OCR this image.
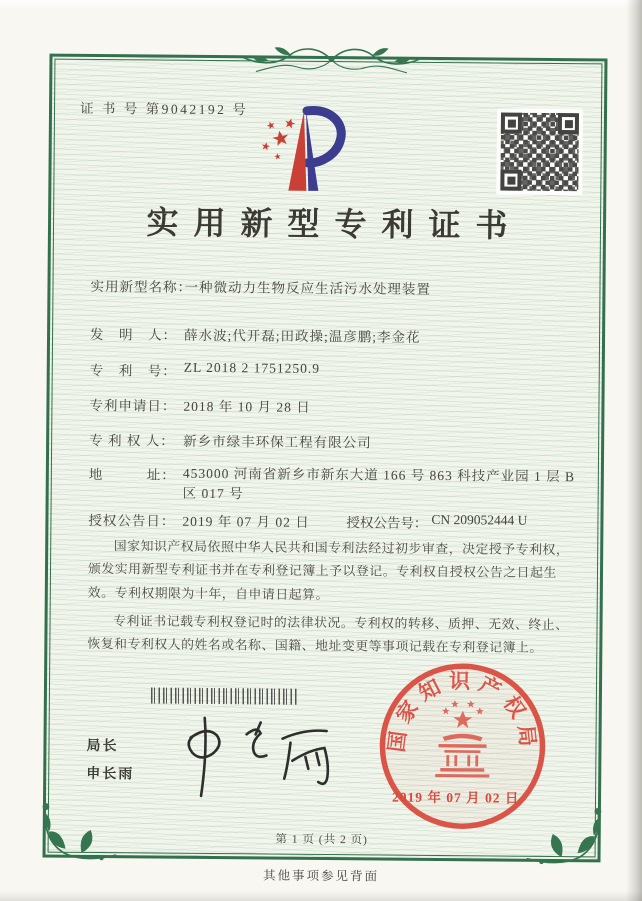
证 书 号 第9042192 号
实用新型专利证书
实用新型名称：
一种微动力生物反应生活污水处理装置
发　明　人： 薛水波;代开磊;田政操;温彦鹏;李金花
专　利　号： ZL 2018 2 1751250.9
专利申请日： 2018 年 10 月 28 日
专 利 权 人： 新乡市绿丰环保工程有限公司
地　　　址： 453000 河南省新乡市新东大道 166 号 863 科技产业园 1 层 B区 017 号
授权公告日： 2019 年 07 月 02 日	授权公告号： CN 209052444 U

国家知识产权局依照中华人民共和国专利法经过初步审查，决定授予专利权，颁发实用新型专利证书并在专利登记簿上予以登记。专利权自授权公告之日起生效。专利权期限为十年，自申请日起算。

专利证书记载专利权登记时的法律状况。专利权的转移、质押、无效、终止、恢复和专利权人的姓名或名称、国籍、地址变更等事项记载在专利登记簿上。

局长
申长雨
国家知识产权局
2019 年 07 月 02 日
第 1 页 (共 2 页)
其他事项参见背面
